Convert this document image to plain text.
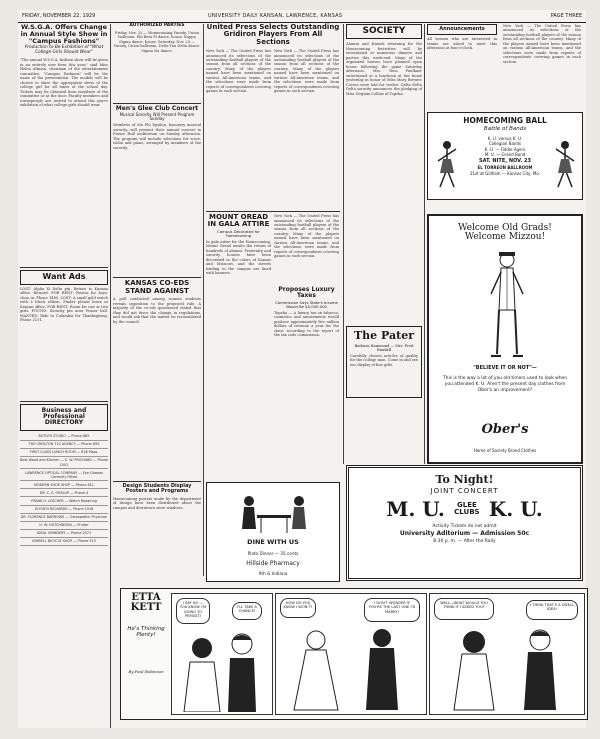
FRIDAY, NOVEMBER 22, 1929	UNIVERSITY DAILY KANSAN, LAWRENCE, KANSAS	PAGE THREE
W.S.G.A. Offers Change in Annual Style Show in "Campus Fashions"
Production to Be Exhibition of "What College Girls Should Wear"

"The annual W.S.G.A. fashion show will be given in an entirely new form this year," said Miss Helen Altman, chairman of the entertainment committee. "Campus Fashions" will be the name of the presentation. The models will be chosen to show the appropriate dress of the college girl for all times of the school day. Tickets may be obtained from members of the committee or at the door. Faculty members and townspeople are invited to attend this year's exhibition of what college girls should wear.

Want Ads

LOST: Alpha Xi Delta pin. Return to Kansan office. Reward. FOR RENT: Rooms for boys, close in. Phone 1485. LOST: A small gold watch with a black ribbon. Finder please leave at Kansan office. FOR RENT: Room for one or two girls. FOUND: Sorority pin near Fraser hall. WANTED: Ride to Columbia for Thanksgiving. Phone 2131.

Business and Professional DIRECTORY
BUTLER STUDIO — Phone 685
THE CRISLTON 710 AGENCY — Phone 693
FIRST CLASS LUNCH ROOM — 818 Mass.
Best Wood and Kitchen — E. W. PRICHARD — Phone 1001
LAWRENCE OPTICAL COMPANY — Eye Glasses Correctly Fitted
MODERN SHOE SHOP — Phone 811
DR. C. E. ORELUP — Phone 4
FRANK H. LESCHER — Watch Repairing
GOOD'N RICHARDS — Phone 1018
DR. FLORENCE BARROWS — Osteopathic Physician
H. W. HUTCHINSON — Printer
IDEAL GRINDERY — Phone 2071
KIMBELL BICYCLE SHOP — Phone 513
AUTHORIZED PARTIES

Friday, Nov. 22 — Homecoming Varsity, Union ballroom. Phi Beta Pi dance, house. Kappa Sigma dance, house. Saturday, Nov. 23 — Varsity, Union ballroom. Delta Tau Delta dance. Sigma Nu dance.

Men's Glee Club Concert
Musical Sorority Will Present Program Sunday

Members of Mu Phi Epsilon, honorary musical sorority, will present their annual concert in Fraser Hall auditorium on Sunday afternoon. The program will include selections for voice, violin and piano, arranged by members of the sorority.

KANSAS CO-EDS STAND AGAINST

A poll conducted among women students reveals opposition to the proposed rule. A majority of the co-eds questioned stated that they did not favor the change in regulations, and would ask that the matter be reconsidered by the council.

Design Students Display Posters and Programs

Homecoming posters made by the department of design have been distributed about the campus and downtown store windows.

United Press Selects Outstanding Gridiron Players From All Sections

New York — The United Press has announced its selections of the outstanding football players of the season from all sections of the country. Many of the players named have been mentioned on various All-American teams, and the selections were made from reports of correspondents covering games in each section.

New York — The United Press has announced its selections of the outstanding football players of the season from all sections of the country. Many of the players named have been mentioned on various All-American teams, and the selections were made from reports of correspondents covering games in each section.

MOUNT OREAD IN GALA ATTIRE
Campus Decorated for Homecoming

In gala attire for the Homecoming, Mount Oread awaits the return of hundreds of alumni. Fraternity and sorority houses have been decorated in the colors of Kansas and Missouri, and the streets leading to the campus are lined with banners.

New York — The United Press has announced its selections of the outstanding football players of the season from all sections of the country. Many of the players named have been mentioned on various All-American teams, and the selections were made from reports of correspondents covering games in each section.

Proposes Luxury Taxes
Commission Says State's Income Would Be $5,000,000

Topeka — A luxury tax on tobacco, cosmetics and amusements would produce approximately five million dollars of revenue a year for the state, according to the report of the tax code commission.

SOCIETY

Alumni and friends returning for the Homecoming festivities will be entertained at numerous dinners and parties this week-end. Many of the organized houses have planned open house following the game Saturday afternoon. Mrs. Ross Faulkner entertained at a luncheon at her home yesterday in honor of Miss Mary Brewer. Covers were laid for twelve. Delta Delta Delta sorority announces the pledging of Miss Virginia Collins of Topeka.

The Pater
Barbara Hammond — Mrs. Fred Randall

Carefully chosen articles of quality for the college man. Come in and see our display of fine gifts.

Announcements

All women who are interested in tennis are asked to meet this afternoon at four o'clock.

New York — The United Press has announced its selections of the outstanding football players of the season from all sections of the country. Many of the players named have been mentioned on various All-American teams, and the selections were made from reports of correspondents covering games in each section.

HOMECOMING BALL
Battle of Bands
K. U. versus K. U.
Collegian Bands
K. U. — Fiddle Agers
M. U. — Grand Band
SAT. NITE, NOV. 23
EL TORREON BALLROOM
31st at Gillham — Kansas City, Mo.
Welcome Old Grads! Welcome Mizzou!
"BELIEVE IT OR NOT"—
This is the way a lot of you old timers used to look when you attended K. U. Aren't the present day clothes from Ober's an improvement?
Ober's
Home of Society Brand Clothes
DINE WITH US
Plate Dinner — 35 cents
Hillside Pharmacy
9th & Indiana
To Night!
JOINT CONCERT
M. U.	GLEE CLUBS K. U.
Activity Tickets do not admit
University Aditorium — Admission 50c
8:30 p. m. — After the Rally
ETTA KETT
He's Thinking Plenty!
By Paul Robinson
I SAY NO — YOU KNOW I'M GOING TO PERSIST!
I'LL TAKE A CHANCE!
HOW DO YOU KNOW I WON'T?
I DON'T WONDER IF YOU'RE THE LAST ONE I'D MARRY!
WELL—WHAT WOULD YOU THINK IF I ASKED YOU?
I THINK THAT'S A SWELL IDEA!
